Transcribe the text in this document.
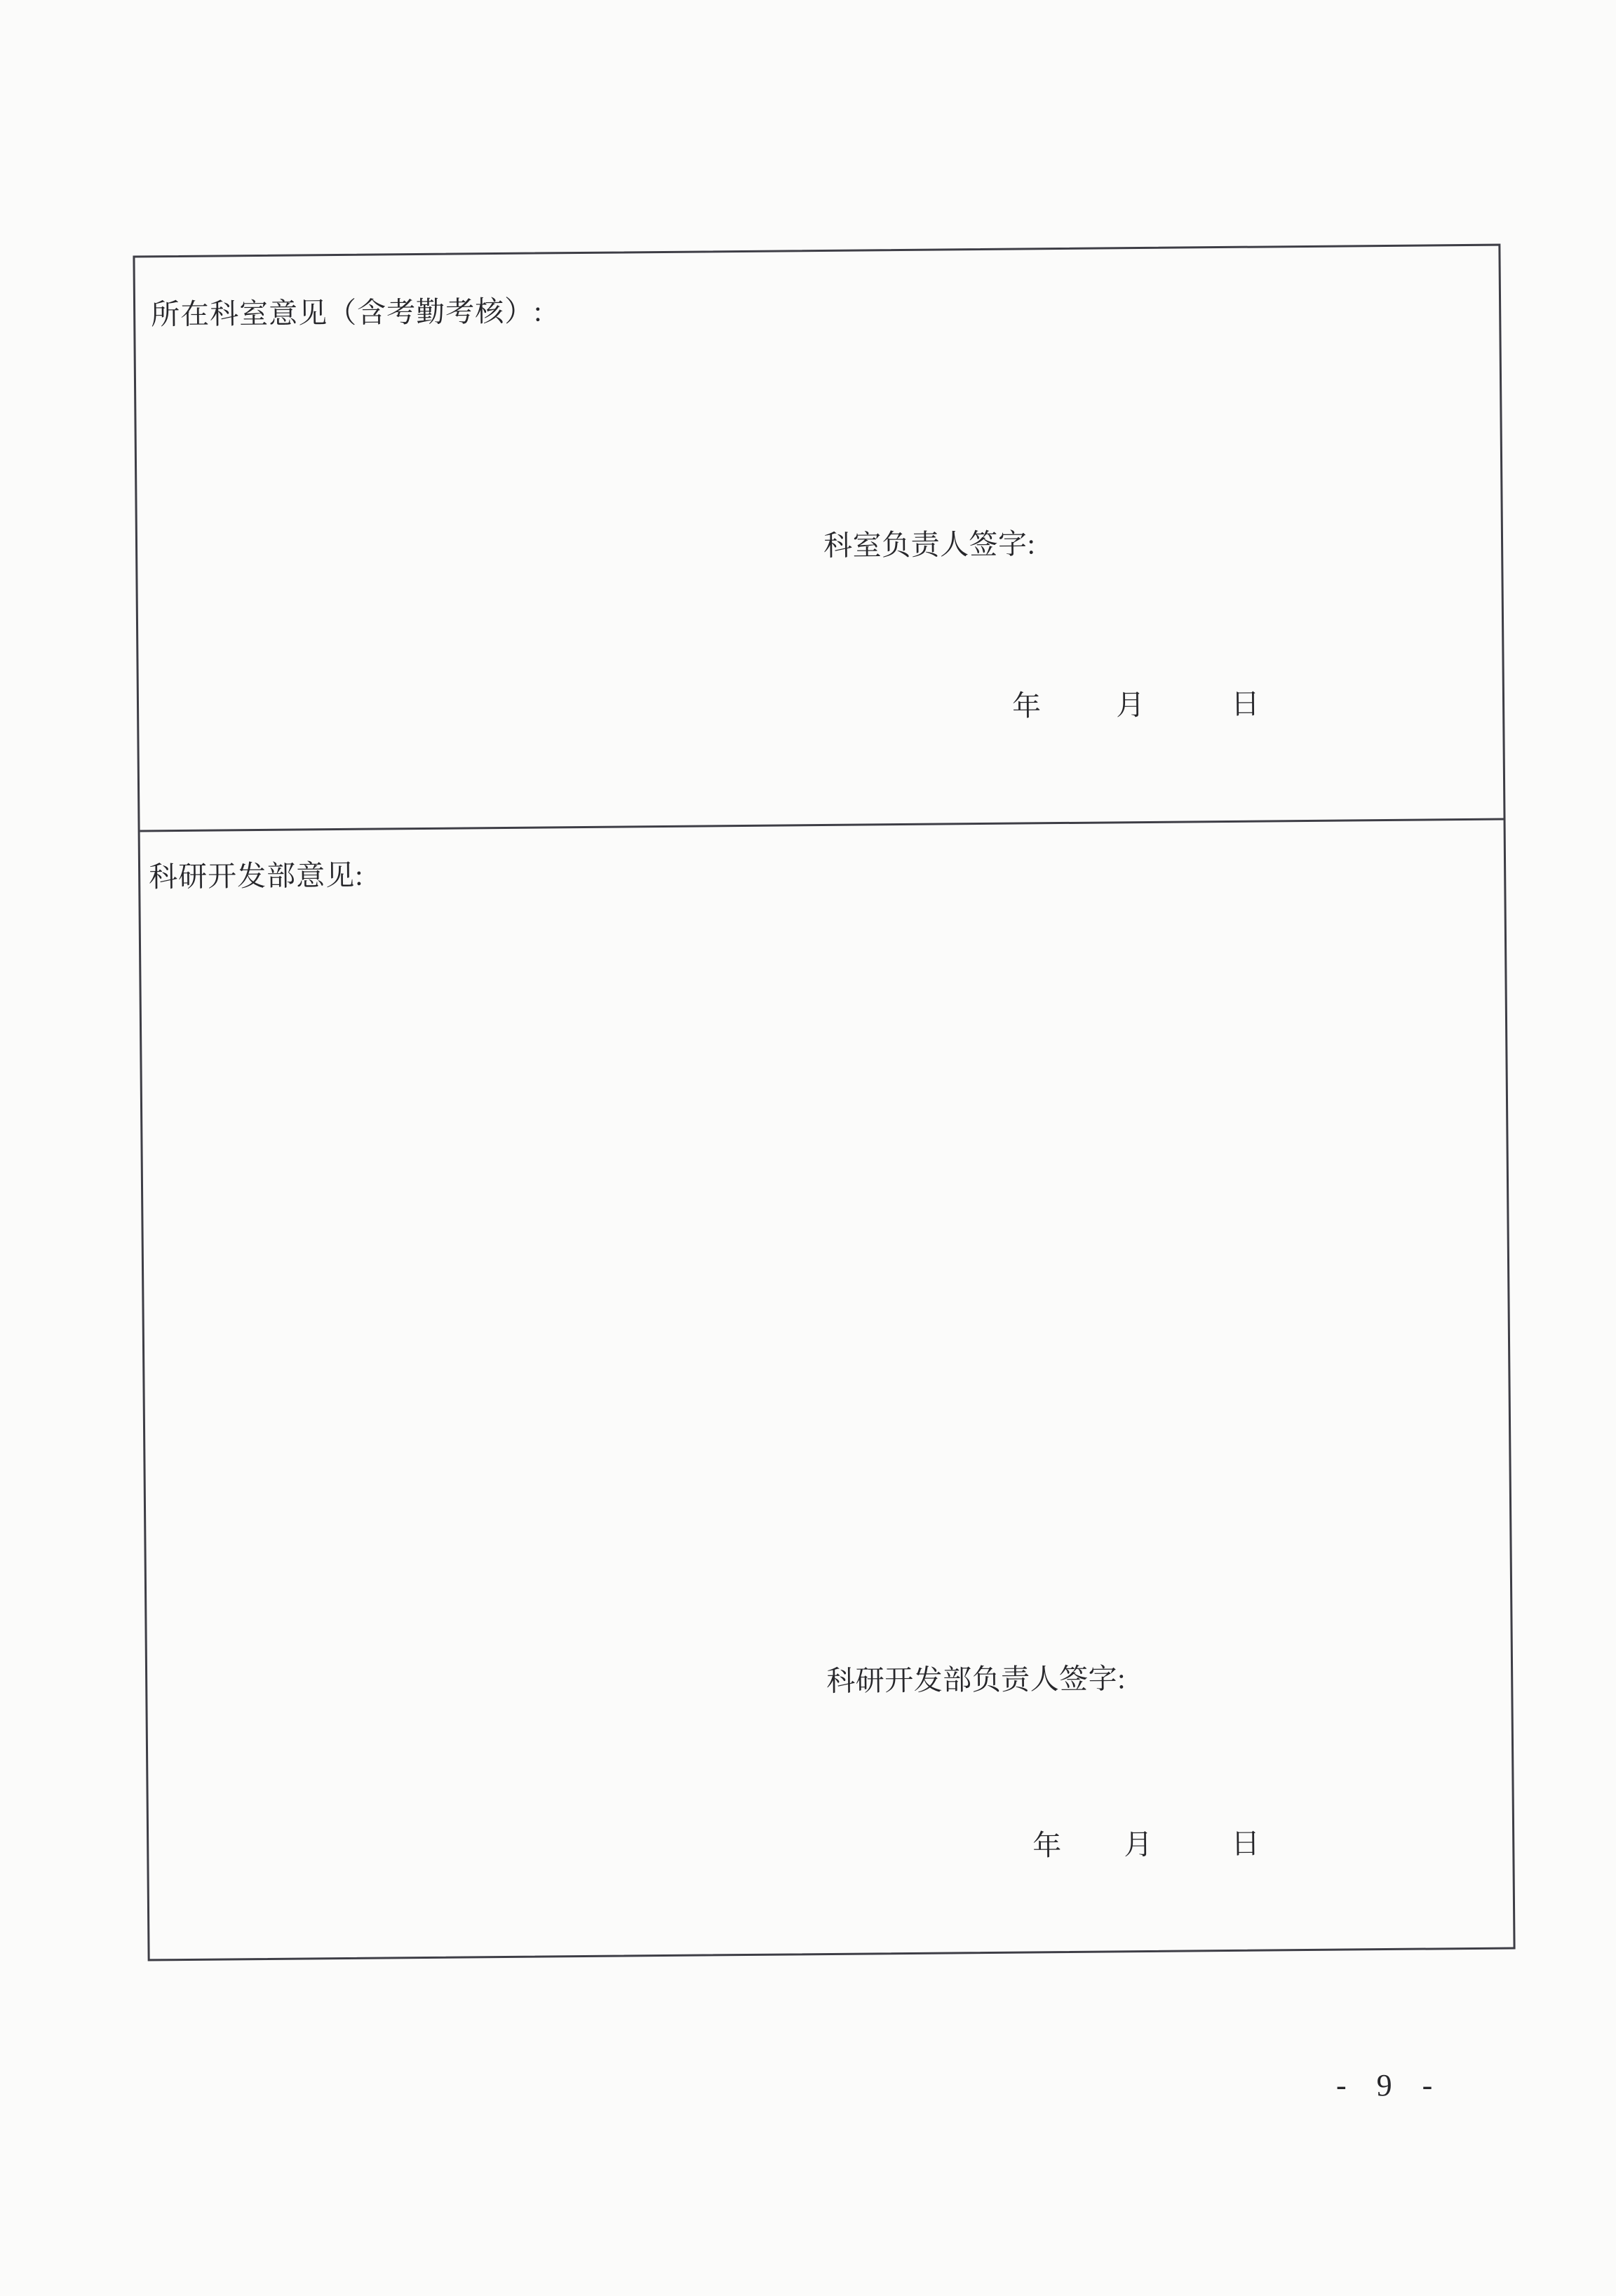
所在科室意见（含考勤考核）:
科室负责人签字:
年	月	日
科研开发部意见:
科研开发部负责人签字:
年 月	日
- 9 -
